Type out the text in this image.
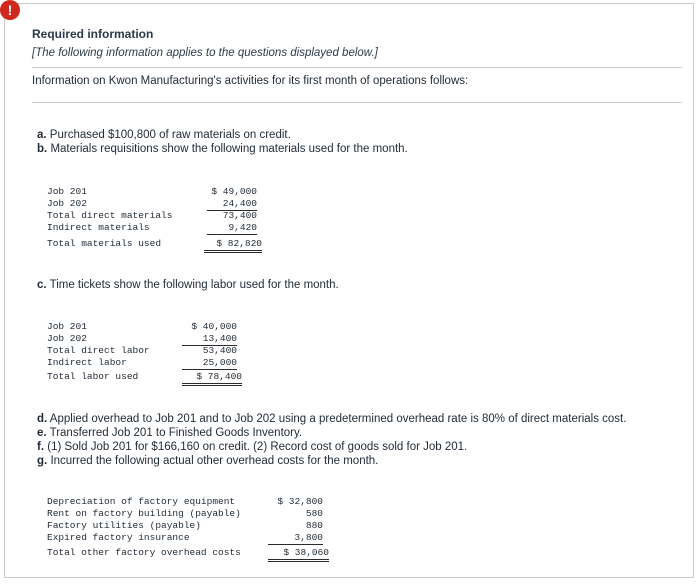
!
Required information
[The following information applies to the questions displayed below.]
Information on Kwon Manufacturing's activities for its first month of operations follows:
a. Purchased $100,800 of raw materials on credit.
b. Materials requisitions show the following materials used for the month.
Job 201	$ 49,000
Job 202	24,400
Total direct materials	73,400
Indirect materials	9,420
Total materials used	$ 82,820
c. Time tickets show the following labor used for the month.
Job 201	$ 40,000
Job 202	13,400
Total direct labor	53,400
Indirect labor	25,000
Total labor used	$ 78,400
d. Applied overhead to Job 201 and to Job 202 using a predetermined overhead rate is 80% of direct materials cost.
e. Transferred Job 201 to Finished Goods Inventory.
f. (1) Sold Job 201 for $166,160 on credit. (2) Record cost of goods sold for Job 201.
g. Incurred the following actual other overhead costs for the month.
Depreciation of factory equipment	$ 32,800
Rent on factory building (payable)	580
Factory utilities (payable)	880
Expired factory insurance	3,800
Total other factory overhead costs	$ 38,060
